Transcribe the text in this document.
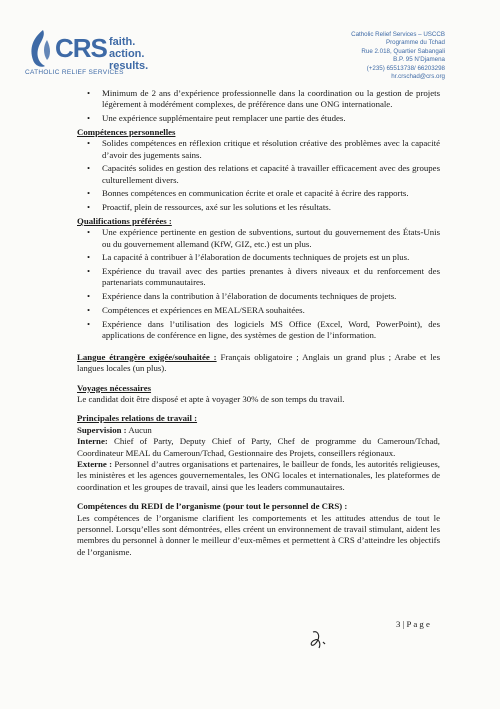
CRS faith.
action.
results.
CATHOLIC RELIEF SERVICES
Catholic Relief Services – USCCB
Programme du Tchad
Rue 2.018, Quartier Sabangali
B.P. 95 N’Djamena
(+235) 65513738/ 66203298
hr.crschad@crs.org
• Minimum de 2 ans d’expérience professionnelle dans la coordination ou la gestion de projets légèrement à modérément complexes, de préférence dans une ONG internationale.
• Une expérience supplémentaire peut remplacer une partie des études.
Compétences personnelles
• Solides compétences en réflexion critique et résolution créative des problèmes avec la capacité d’avoir des jugements sains.
• Capacités solides en gestion des relations et capacité à travailler efficacement avec des groupes culturellement divers.
• Bonnes compétences en communication écrite et orale et capacité à écrire des rapports.
• Proactif, plein de ressources, axé sur les solutions et les résultats.
Qualifications préférées :
• Une expérience pertinente en gestion de subventions, surtout du gouvernement des États-Unis ou du gouvernement allemand (KfW, GIZ, etc.) est un plus.
• La capacité à contribuer à l’élaboration de documents techniques de projets est un plus.
• Expérience du travail avec des parties prenantes à divers niveaux et du renforcement des partenariats communautaires.
• Expérience dans la contribution à l’élaboration de documents techniques de projets.
• Compétences et expériences en MEAL/SERA souhaitées.
• Expérience dans l’utilisation des logiciels MS Office (Excel, Word, PowerPoint), des applications de conférence en ligne, des systèmes de gestion de l’information.

Langue étrangère exigée/souhaitée : Français obligatoire ; Anglais un grand plus ; Arabe et les langues locales (un plus).

Voyages nécessaires

Le candidat doit être disposé et apte à voyager 30% de son temps du travail.

Principales relations de travail :

Supervision : Aucun

Interne: Chief of Party, Deputy Chief of Party, Chef de programme du Cameroun/Tchad, Coordinateur MEAL du Cameroun/Tchad, Gestionnaire des Projets, conseillers régionaux.

Externe : Personnel d’autres organisations et partenaires, le bailleur de fonds, les autorités religieuses, les ministères et les agences gouvernementales, les ONG locales et internationales, les plateformes de coordination et les groupes de travail, ainsi que les leaders communautaires.

Compétences du REDI de l’organisme (pour tout le personnel de CRS) :

Les compétences de l’organisme clarifient les comportements et les attitudes attendus de tout le personnel. Lorsqu’elles sont démontrées, elles créent un environnement de travail stimulant, aident les membres du personnel à donner le meilleur d’eux-mêmes et permettent à CRS d’atteindre les objectifs de l’organisme.

3 | P a g e
